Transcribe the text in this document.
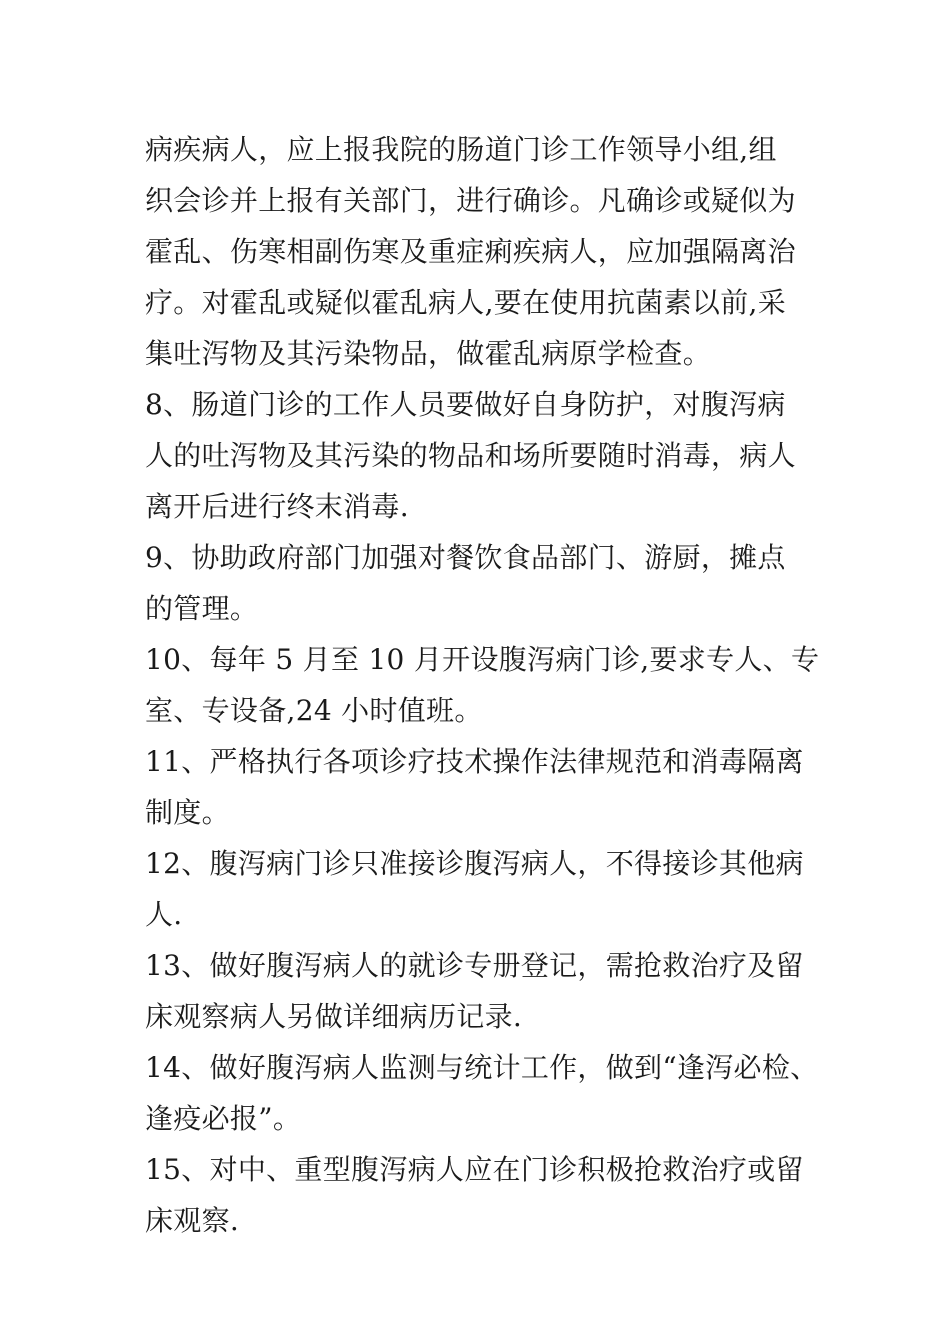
病疾病人，应上报我院的肠道门诊工作领导小组,组
织会诊并上报有关部门，进行确诊。凡确诊或疑似为
霍乱、伤寒相副伤寒及重症痢疾病人，应加强隔离治
疗。对霍乱或疑似霍乱病人,要在使用抗菌素以前,采
集吐泻物及其污染物品，做霍乱病原学检查。
8、肠道门诊的工作人员要做好自身防护，对腹泻病
人的吐泻物及其污染的物品和场所要随时消毒，病人
离开后进行终末消毒.
9、协助政府部门加强对餐饮食品部门、游厨，摊点
的管理。
10、每年 5 月至 10 月开设腹泻病门诊,要求专人、专
室、专设备,24 小时值班。
11、严格执行各项诊疗技术操作法律规范和消毒隔离
制度。
12、腹泻病门诊只准接诊腹泻病人，不得接诊其他病
人.
13、做好腹泻病人的就诊专册登记，需抢救治疗及留
床观察病人另做详细病历记录.
14、做好腹泻病人监测与统计工作，做到“逢泻必检、
逢疫必报”。
15、对中、重型腹泻病人应在门诊积极抢救治疗或留
床观察.
